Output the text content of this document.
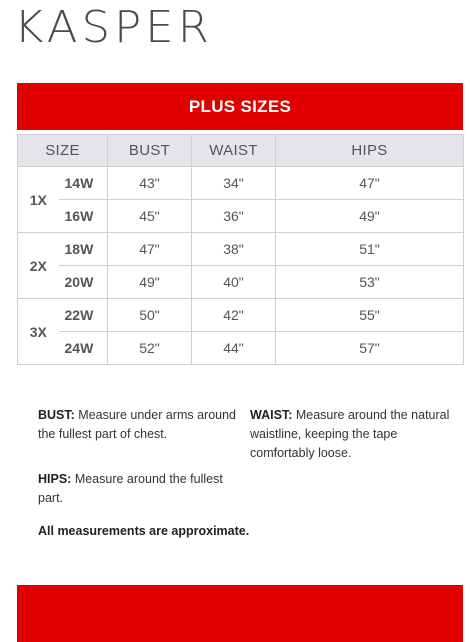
KASPER
PLUS SIZES
SIZE		BUST	WAIST	HIPS
1X	14W	43"	34"	47"
	16W	45"	36"	49"
2X	18W	47"	38"	51"
	20W	49"	40"	53"
3X	22W	50"	42"	55"
	24W	52"	44"	57"
BUST: Measure under arms around the fullest part of chest.
WAIST: Measure around the natural waistline, keeping the tape comfortably loose.
HIPS: Measure around the fullest part.
All measurements are approximate.
